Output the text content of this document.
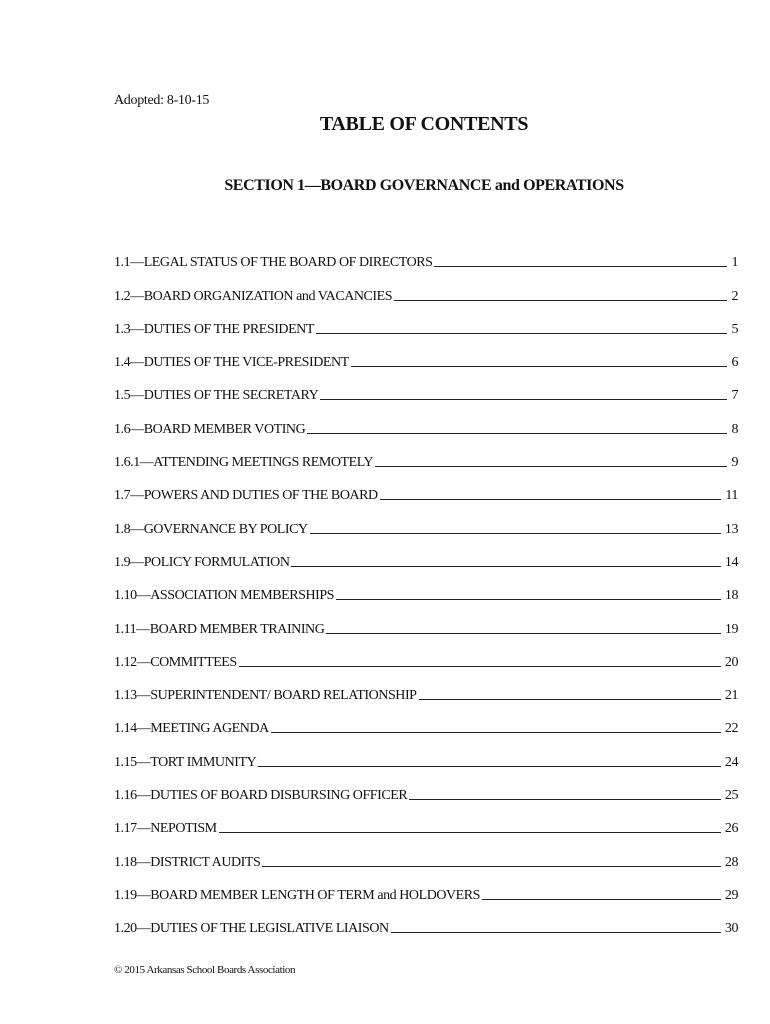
Adopted: 8-10-15
TABLE OF CONTENTS
SECTION 1—BOARD GOVERNANCE and OPERATIONS
1.1—LEGAL STATUS OF THE BOARD OF DIRECTORS	1
1.2—BOARD ORGANIZATION and VACANCIES	2
1.3—DUTIES OF THE PRESIDENT	5
1.4—DUTIES OF THE VICE-PRESIDENT	6
1.5—DUTIES OF THE SECRETARY	7
1.6—BOARD MEMBER VOTING	8
1.6.1—ATTENDING MEETINGS REMOTELY	9
1.7—POWERS AND DUTIES OF THE BOARD	11
1.8—GOVERNANCE BY POLICY	13
1.9—POLICY FORMULATION	14
1.10—ASSOCIATION MEMBERSHIPS	18
1.11—BOARD MEMBER TRAINING	19
1.12—COMMITTEES	20
1.13—SUPERINTENDENT/ BOARD RELATIONSHIP	21
1.14—MEETING AGENDA	22
1.15—TORT IMMUNITY	24
1.16—DUTIES OF BOARD DISBURSING OFFICER	25
1.17—NEPOTISM	26
1.18—DISTRICT AUDITS	28
1.19—BOARD MEMBER LENGTH OF TERM and HOLDOVERS	29
1.20—DUTIES OF THE LEGISLATIVE LIAISON	30
© 2015 Arkansas School Boards Association
